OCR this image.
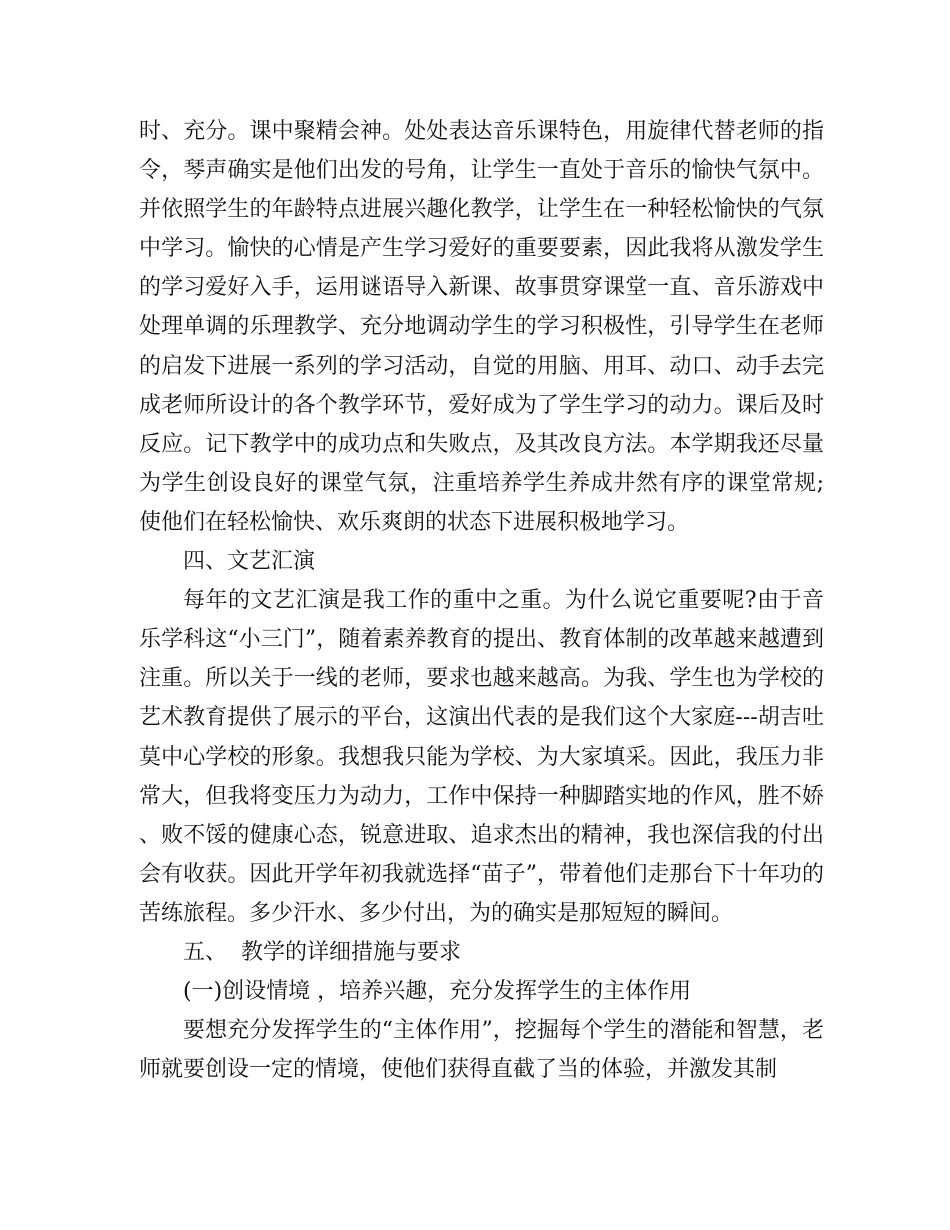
时、充分。课中聚精会神。处处表达音乐课特色，用旋律代替老师的指令，琴声确实是他们出发的号角，让学生一直处于音乐的愉快气氛中。并依照学生的年龄特点进展兴趣化教学，让学生在一种轻松愉快的气氛中学习。愉快的心情是产生学习爱好的重要要素，因此我将从激发学生的学习爱好入手，运用谜语导入新课、故事贯穿课堂一直、音乐游戏中处理单调的乐理教学、充分地调动学生的学习积极性，引导学生在老师的启发下进展一系列的学习活动，自觉的用脑、用耳、动口、动手去完成老师所设计的各个教学环节，爱好成为了学生学习的动力。课后及时反应。记下教学中的成功点和失败点，及其改良方法。本学期我还尽量为学生创设良好的课堂气氛，注重培养学生养成井然有序的课堂常规;使他们在轻松愉快、欢乐爽朗的状态下进展积极地学习。

四、文艺汇演

每年的文艺汇演是我工作的重中之重。为什么说它重要呢?由于音乐学科这“小三门”，随着素养教育的提出、教育体制的改革越来越遭到注重。所以关于一线的老师，要求也越来越高。为我、学生也为学校的艺术教育提供了展示的平台，这演出代表的是我们这个大家庭---胡吉吐莫中心学校的形象。我想我只能为学校、为大家填采。因此，我压力非常大，但我将变压力为动力，工作中保持一种脚踏实地的作风，胜不娇、败不馁的健康心态，锐意进取、追求杰出的精神，我也深信我的付出会有收获。因此开学年初我就选择“苗子”，带着他们走那台下十年功的苦练旅程。多少汗水、多少付出，为的确实是那短短的瞬间。

五、  教学的详细措施与要求

(一)创设情境 ，培养兴趣，充分发挥学生的主体作用

要想充分发挥学生的“主体作用”，挖掘每个学生的潜能和智慧，老师就要创设一定的情境，使他们获得直截了当的体验，并激发其制
